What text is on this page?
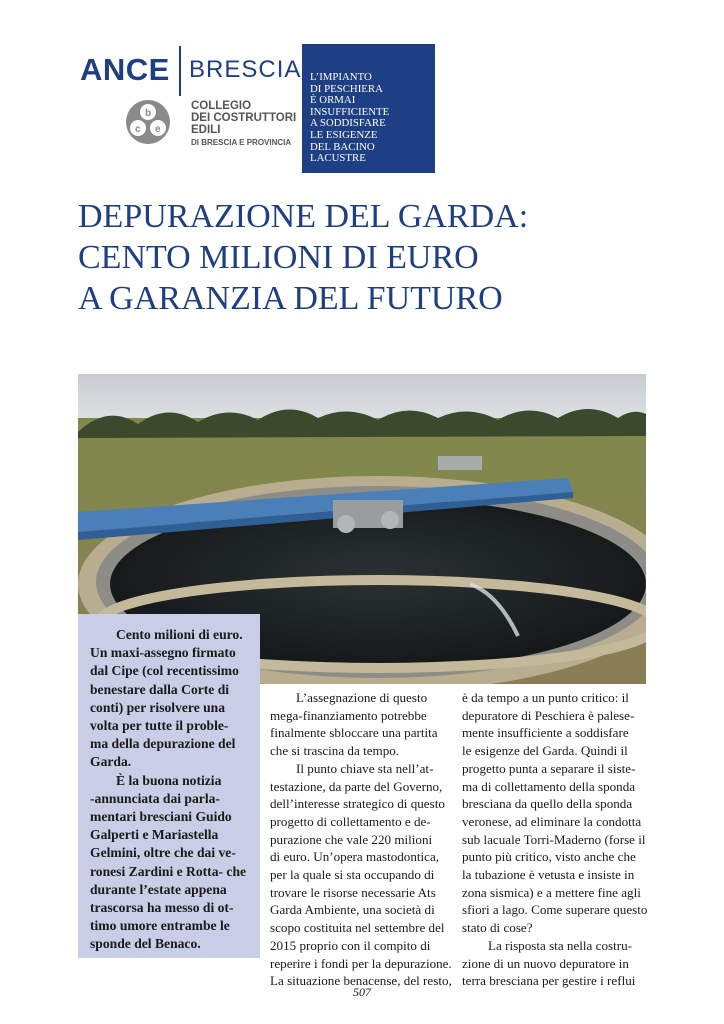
ANCE BRESCIA
b
c e
COLLEGIO
DEI COSTRUTTORI
EDILI
DI BRESCIA E PROVINCIA
L’IMPIANTO
DI PESCHIERA
È ORMAI
INSUFFICIENTE
A SODDISFARE
LE ESIGENZE
DEL BACINO
LACUSTRE
DEPURAZIONE DEL GARDA:
CENTO MILIONI DI EURO
A GARANZIA DEL FUTURO
Cento milioni di euro.
Un maxi-assegno firmato
dal Cipe (col recentissimo
benestare dalla Corte di
conti) per risolvere una
volta per tutte il proble-
ma della depurazione del
Garda.
È la buona notizia
-annunciata dai parla-
mentari bresciani Guido
Galperti e Mariastella
Gelmini, oltre che dai ve-
ronesi Zardini e Rotta- che
durante l’estate appena
trascorsa ha messo di ot-
timo umore entrambe le
sponde del Benaco.
L’assegnazione di questo
mega-finanziamento potrebbe
finalmente sbloccare una partita
che si trascina da tempo.
Il punto chiave sta nell’at-
testazione, da parte del Governo,
dell’interesse strategico di questo
progetto di collettamento e de-
purazione che vale 220 milioni
di euro. Un’opera mastodontica,
per la quale si sta occupando di
trovare le risorse necessarie Ats
Garda Ambiente, una società di
scopo costituita nel settembre del
2015 proprio con il compito di
reperire i fondi per la depurazione.
La situazione benacense, del resto,
è da tempo a un punto critico: il
depuratore di Peschiera è palese-
mente insufficiente a soddisfare
le esigenze del Garda. Quindi il
progetto punta a separare il siste-
ma di collettamento della sponda
bresciana da quello della sponda
veronese, ad eliminare la condotta
sub lacuale Torri-Maderno (forse il
punto più critico, visto anche che
la tubazione è vetusta e insiste in
zona sismica) e a mettere fine agli
sfiori a lago. Come superare questo
stato di cose?
La risposta sta nella costru-
zione di un nuovo depuratore in
terra bresciana per gestire i reflui
507
